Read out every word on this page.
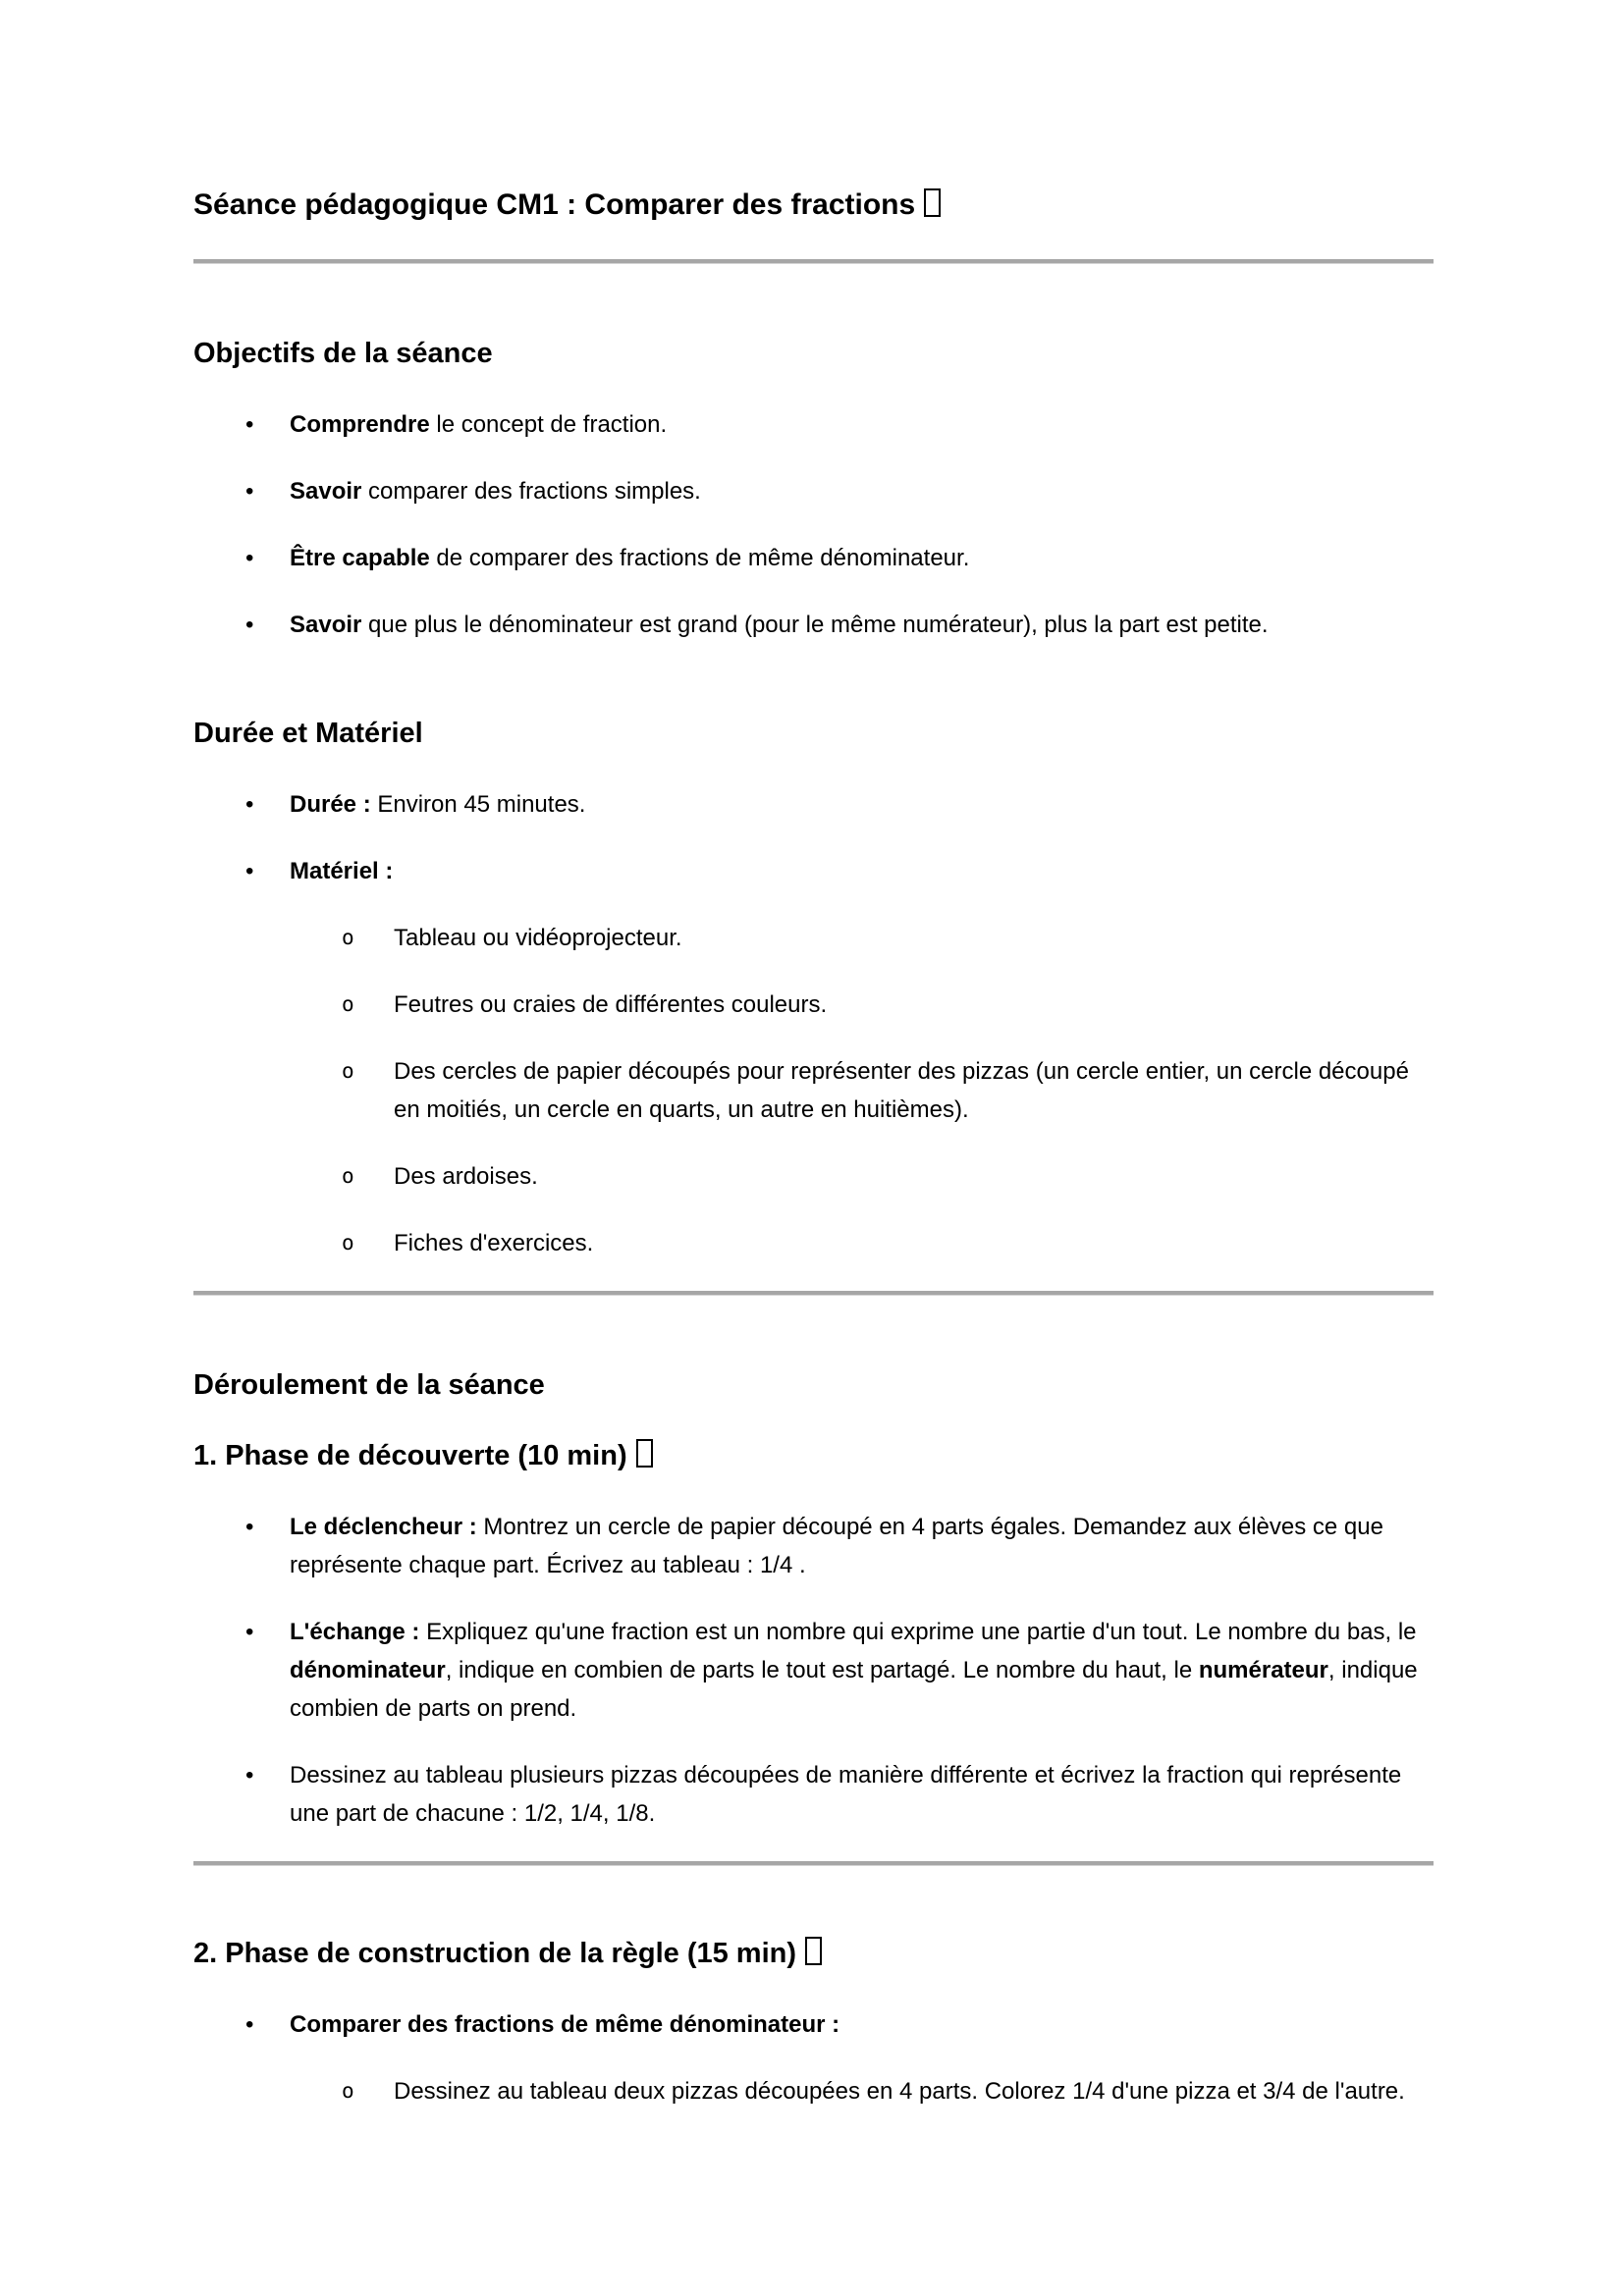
Séance pédagogique CM1 : Comparer des fractions
Objectifs de la séance
• Comprendre le concept de fraction.
• Savoir comparer des fractions simples.
• Être capable de comparer des fractions de même dénominateur.
• Savoir que plus le dénominateur est grand (pour le même numérateur), plus la part est petite.
Durée et Matériel
• Durée : Environ 45 minutes.
• Matériel :
o Tableau ou vidéoprojecteur.
o Feutres ou craies de différentes couleurs.
o Des cercles de papier découpés pour représenter des pizzas (un cercle entier, un cercle découpé en moitiés, un cercle en quarts, un autre en huitièmes).
o Des ardoises.
o Fiches d'exercices.
Déroulement de la séance
1. Phase de découverte (10 min)
• Le déclencheur : Montrez un cercle de papier découpé en 4 parts égales. Demandez aux élèves ce que représente chaque part. Écrivez au tableau : 1/4 .
• L'échange : Expliquez qu'une fraction est un nombre qui exprime une partie d'un tout. Le nombre du bas, le dénominateur, indique en combien de parts le tout est partagé. Le nombre du haut, le numérateur, indique combien de parts on prend.
• Dessinez au tableau plusieurs pizzas découpées de manière différente et écrivez la fraction qui représente une part de chacune : 1/2, 1/4, 1/8.
2. Phase de construction de la règle (15 min)
• Comparer des fractions de même dénominateur :
o Dessinez au tableau deux pizzas découpées en 4 parts. Colorez 1/4 d'une pizza et 3/4 de l'autre.
